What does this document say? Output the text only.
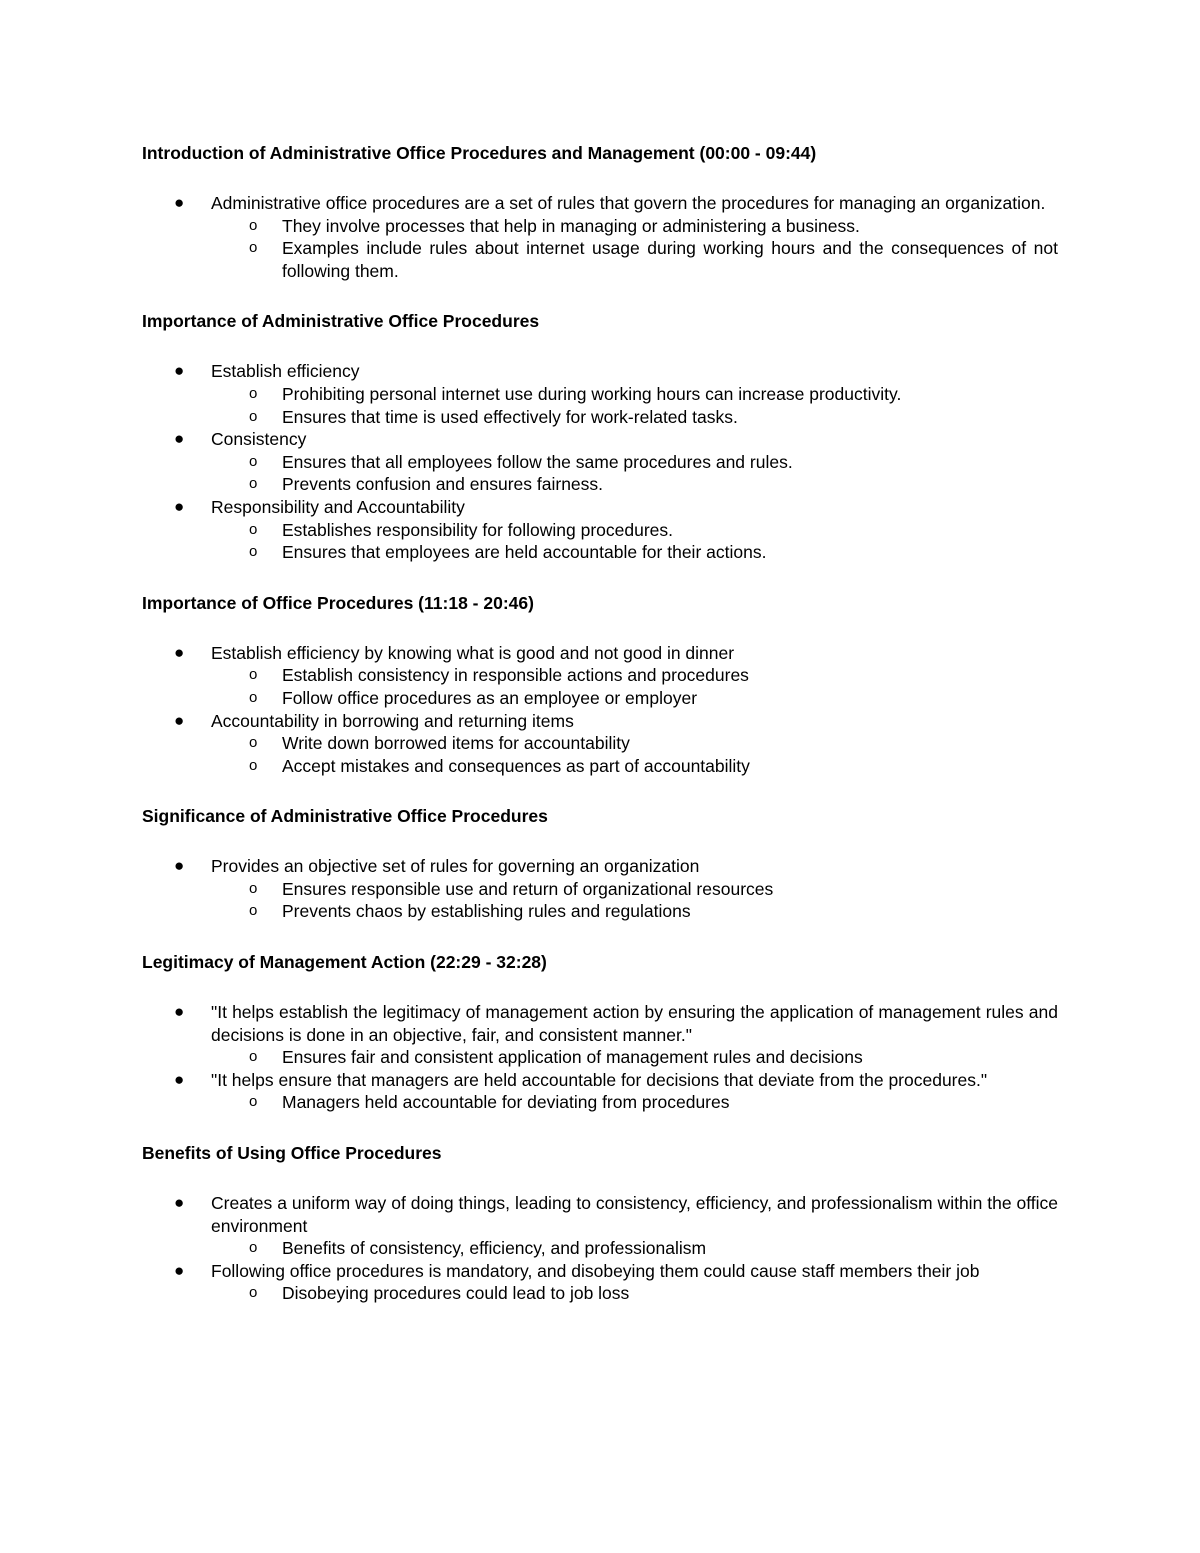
Introduction of Administrative Office Procedures and Management (00:00 - 09:44)
●	Administrative office procedures are a set of rules that govern the procedures for managing an organization.
o They involve processes that help in managing or administering a business.
o Examples include rules about internet usage during working hours and the consequences of not following them.
Importance of Administrative Office Procedures
●	Establish efficiency
o Prohibiting personal internet use during working hours can increase productivity.
o Ensures that time is used effectively for work-related tasks.
●	Consistency
o Ensures that all employees follow the same procedures and rules.
o Prevents confusion and ensures fairness.
●	Responsibility and Accountability
o Establishes responsibility for following procedures.
o Ensures that employees are held accountable for their actions.
Importance of Office Procedures (11:18 - 20:46)
●	Establish efficiency by knowing what is good and not good in dinner
o Establish consistency in responsible actions and procedures
o Follow office procedures as an employee or employer
●	Accountability in borrowing and returning items
o Write down borrowed items for accountability
o Accept mistakes and consequences as part of accountability
Significance of Administrative Office Procedures
●	Provides an objective set of rules for governing an organization
o Ensures responsible use and return of organizational resources
o Prevents chaos by establishing rules and regulations
Legitimacy of Management Action (22:29 - 32:28)
●	"It helps establish the legitimacy of management action by ensuring the application of management rules and decisions is done in an objective, fair, and consistent manner."
o Ensures fair and consistent application of management rules and decisions
●	"It helps ensure that managers are held accountable for decisions that deviate from the procedures."
o Managers held accountable for deviating from procedures
Benefits of Using Office Procedures
●	Creates a uniform way of doing things, leading to consistency, efficiency, and professionalism within the office environment
o Benefits of consistency, efficiency, and professionalism
●	Following office procedures is mandatory, and disobeying them could cause staff members their job
o Disobeying procedures could lead to job loss
